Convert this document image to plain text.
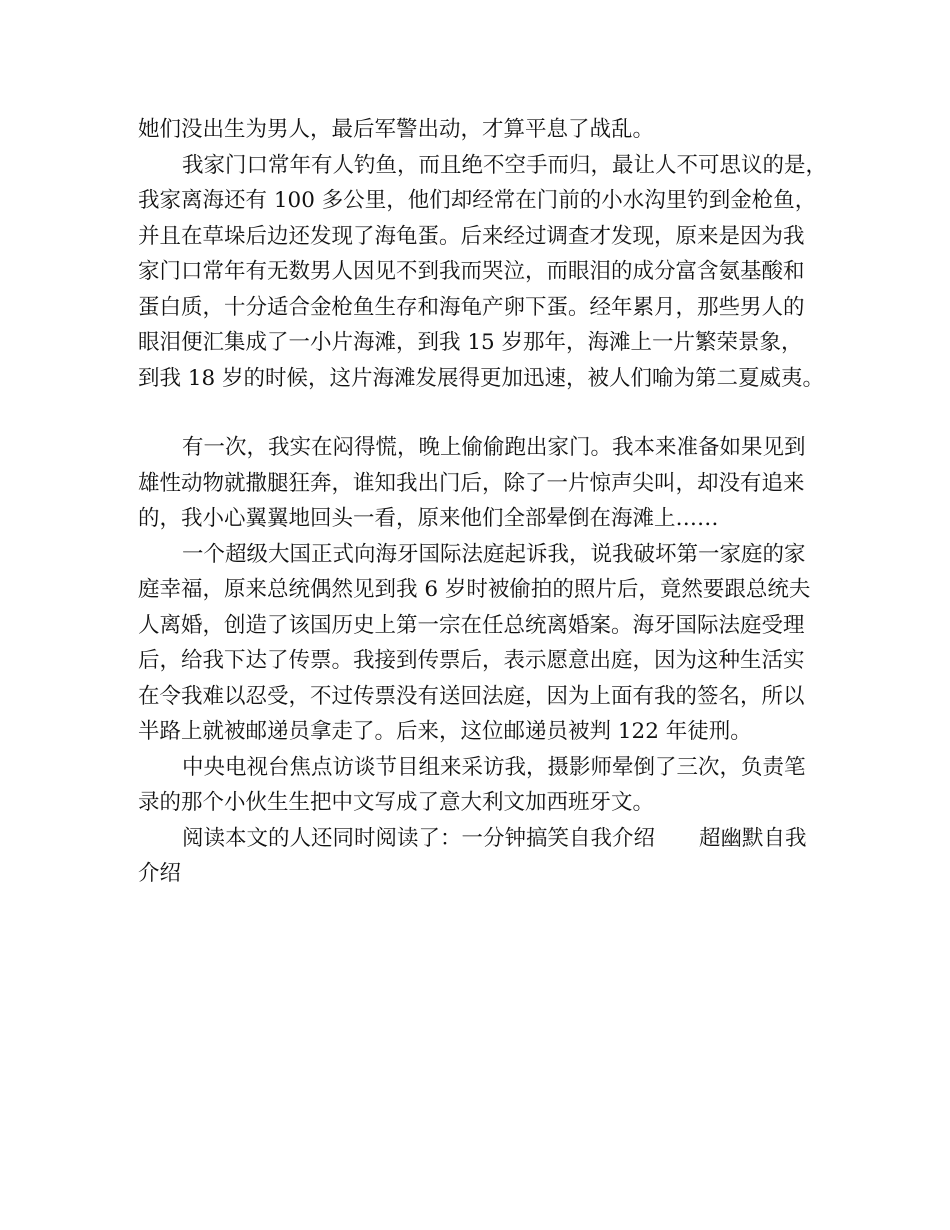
她们没出生为男人，最后军警出动，才算平息了战乱。
我家门口常年有人钓鱼，而且绝不空手而归，最让人不可思议的是，
我家离海还有 100 多公里，他们却经常在门前的小水沟里钓到金枪鱼，
并且在草垛后边还发现了海龟蛋。后来经过调查才发现，原来是因为我
家门口常年有无数男人因见不到我而哭泣，而眼泪的成分富含氨基酸和
蛋白质，十分适合金枪鱼生存和海龟产卵下蛋。经年累月，那些男人的
眼泪便汇集成了一小片海滩，到我 15 岁那年，海滩上一片繁荣景象，
到我 18 岁的时候，这片海滩发展得更加迅速，被人们喻为第二夏威夷。
有一次，我实在闷得慌，晚上偷偷跑出家门。我本来准备如果见到
雄性动物就撒腿狂奔，谁知我出门后，除了一片惊声尖叫，却没有追来
的，我小心翼翼地回头一看，原来他们全部晕倒在海滩上……
一个超级大国正式向海牙国际法庭起诉我，说我破坏第一家庭的家
庭幸福，原来总统偶然见到我 6 岁时被偷拍的照片后，竟然要跟总统夫
人离婚，创造了该国历史上第一宗在任总统离婚案。海牙国际法庭受理
后，给我下达了传票。我接到传票后，表示愿意出庭，因为这种生活实
在令我难以忍受，不过传票没有送回法庭，因为上面有我的签名，所以
半路上就被邮递员拿走了。后来，这位邮递员被判 122 年徒刑。
中央电视台焦点访谈节目组来采访我，摄影师晕倒了三次，负责笔
录的那个小伙生生把中文写成了意大利文加西班牙文。
阅读本文的人还同时阅读了：一分钟搞笑自我介绍 超幽默自我
介绍
